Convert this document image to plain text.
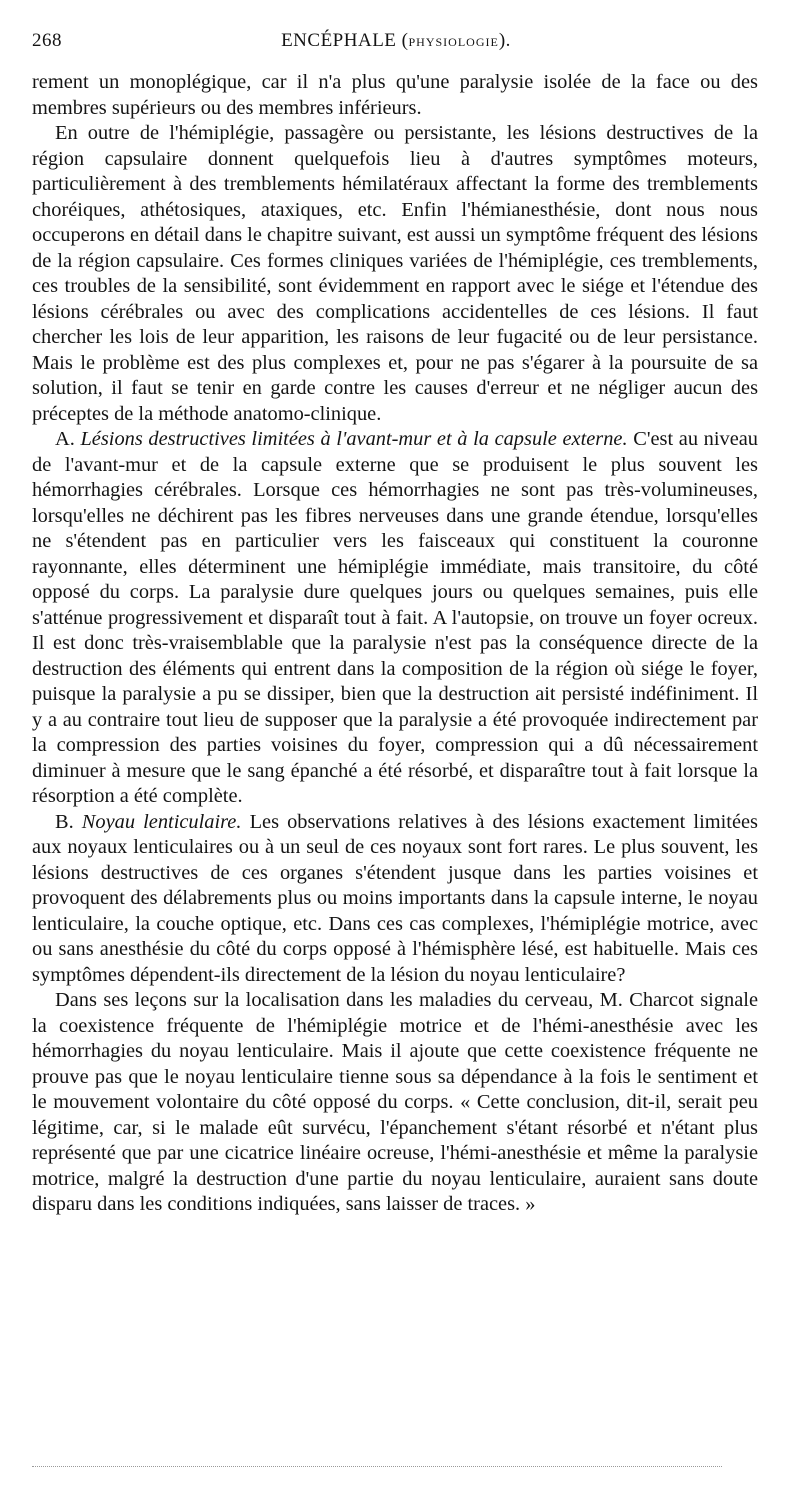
268	ENCÉPHALE (PHYSIOLOGIE).

rement un monoplégique, car il n'a plus qu'une paralysie isolée de la face ou des membres supérieurs ou des membres inférieurs.

En outre de l'hémiplégie, passagère ou persistante, les lésions destructives de la région capsulaire donnent quelquefois lieu à d'autres symptômes moteurs, particulièrement à des tremblements hémilatéraux affectant la forme des tremblements choréiques, athétosiques, ataxiques, etc. Enfin l'hémianesthésie, dont nous nous occuperons en détail dans le chapitre suivant, est aussi un symptôme fréquent des lésions de la région capsulaire. Ces formes cliniques variées de l'hémiplégie, ces tremblements, ces troubles de la sensibilité, sont évidemment en rapport avec le siége et l'étendue des lésions cérébrales ou avec des complications accidentelles de ces lésions. Il faut chercher les lois de leur apparition, les raisons de leur fugacité ou de leur persistance. Mais le problème est des plus complexes et, pour ne pas s'égarer à la poursuite de sa solution, il faut se tenir en garde contre les causes d'erreur et ne négliger aucun des préceptes de la méthode anatomo-clinique.

A. Lésions destructives limitées à l'avant-mur et à la capsule externe. C'est au niveau de l'avant-mur et de la capsule externe que se produisent le plus souvent les hémorrhagies cérébrales. Lorsque ces hémorrhagies ne sont pas très-volumineuses, lorsqu'elles ne déchirent pas les fibres nerveuses dans une grande étendue, lorsqu'elles ne s'étendent pas en particulier vers les faisceaux qui constituent la couronne rayonnante, elles déterminent une hémiplégie immédiate, mais transitoire, du côté opposé du corps. La paralysie dure quelques jours ou quelques semaines, puis elle s'atténue progressivement et disparaît tout à fait. A l'autopsie, on trouve un foyer ocreux. Il est donc très-vraisemblable que la paralysie n'est pas la conséquence directe de la destruction des éléments qui entrent dans la composition de la région où siége le foyer, puisque la paralysie a pu se dissiper, bien que la destruction ait persisté indéfiniment. Il y a au contraire tout lieu de supposer que la paralysie a été provoquée indirectement par la compression des parties voisines du foyer, compression qui a dû nécessairement diminuer à mesure que le sang épanché a été résorbé, et disparaître tout à fait lorsque la résorption a été complète.

B. Noyau lenticulaire. Les observations relatives à des lésions exactement limitées aux noyaux lenticulaires ou à un seul de ces noyaux sont fort rares. Le plus souvent, les lésions destructives de ces organes s'étendent jusque dans les parties voisines et provoquent des délabrements plus ou moins importants dans la capsule interne, le noyau lenticulaire, la couche optique, etc. Dans ces cas complexes, l'hémiplégie motrice, avec ou sans anesthésie du côté du corps opposé à l'hémisphère lésé, est habituelle. Mais ces symptômes dépendent-ils directement de la lésion du noyau lenticulaire?

Dans ses leçons sur la localisation dans les maladies du cerveau, M. Charcot signale la coexistence fréquente de l'hémiplégie motrice et de l'hémi-anesthésie avec les hémorrhagies du noyau lenticulaire. Mais il ajoute que cette coexistence fréquente ne prouve pas que le noyau lenticulaire tienne sous sa dépendance à la fois le sentiment et le mouvement volontaire du côté opposé du corps. « Cette conclusion, dit-il, serait peu légitime, car, si le malade eût survécu, l'épanchement s'étant résorbé et n'étant plus représenté que par une cicatrice linéaire ocreuse, l'hémi-anesthésie et même la paralysie motrice, malgré la destruction d'une partie du noyau lenticulaire, auraient sans doute disparu dans les conditions indiquées, sans laisser de traces. »
